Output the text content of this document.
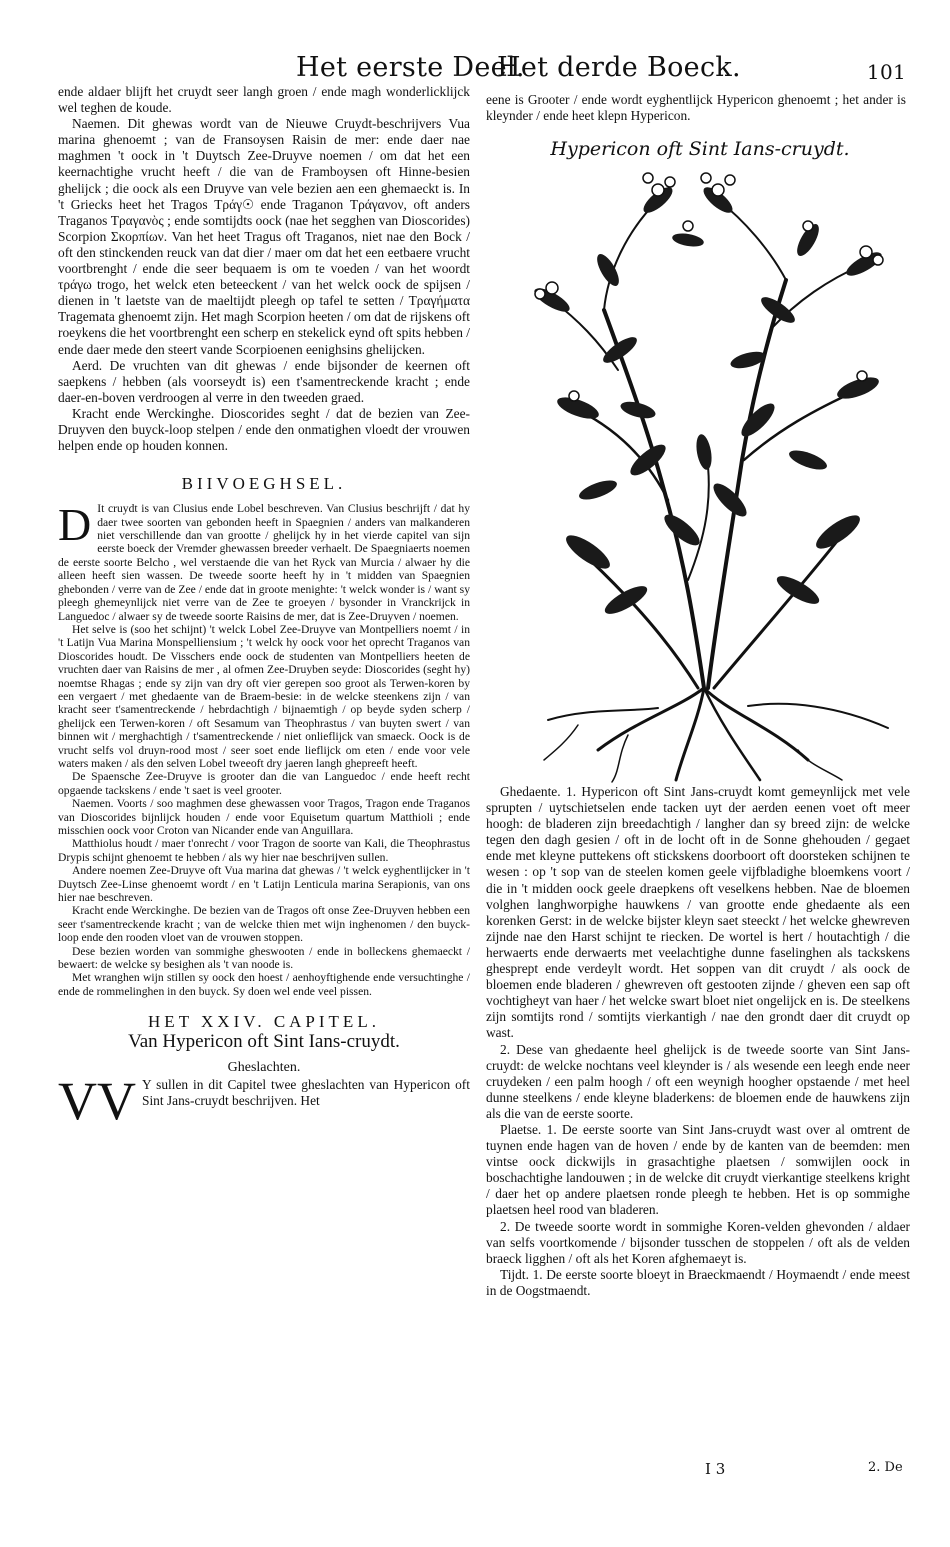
Het eerste Deel.
Het derde Boeck.	101

ende aldaer blijft het cruydt seer langh groen / ende magh wonderlicklijck wel teghen de koude.

Naemen. Dit ghewas wordt van de Nieuwe Cruydt-beschrijvers Vua marina ghenoemt ; van de Fransoysen Raisin de mer: ende daer nae maghmen 't oock in 't Duytsch Zee-Druyve noemen / om dat het een keernachtighe vrucht heeft / die van de Framboysen oft Hinne-besien ghelijck ; die oock als een Druyve van vele bezien aen een ghemaeckt is. In 't Griecks heet het Tragos Τράγ☉ ende Traganon Τράγανον, oft anders Traganos Τραγανὸς ; ende somtijdts oock (nae het segghen van Dioscorides) Scorpion Σκορπίων. Van het heet Tragus oft Traganos, niet nae den Bock / oft den stinckenden reuck van dat dier / maer om dat het een eetbaere vrucht voortbrenght / ende die seer bequaem is om te voeden / van het woordt τράγω trogo, het welck eten beteeckent / van het welck oock de spijsen / dienen in 't laetste van de maeltijdt pleegh op tafel te setten / Τραγήματα Tragemata ghenoemt zijn. Het magh Scorpion heeten / om dat de rijskens oft roeykens die het voortbrenght een scherp en stekelick eynd oft spits hebben / ende daer mede den steert vande Scorpioenen eenighsins ghelijcken.

Aerd. De vruchten van dit ghewas / ende bijsonder de keernen oft saepkens / hebben (als voorseydt is) een t'samentreckende kracht ; ende daer-en-boven verdroogen al verre in den tweeden graed.

Kracht ende Werckinghe. Dioscorides seght / dat de bezien van Zee-Druyven den buyck-loop stelpen / ende den onmatighen vloedt der vrouwen helpen ende op houden konnen.

BIIVOEGHSEL.
D It cruydt is van Clusius ende Lobel beschreven. Van Clusius beschrijft / dat hy daer twee soorten van gebonden heeft in Spaegnien / anders van malkanderen niet verschillende dan van grootte / ghelijck hy in het vierde capitel van sijn eerste boeck der Vremder ghewassen breeder verhaelt. De Spaegniaerts noemen de eerste soorte Belcho , wel verstaende die van het Ryck van Murcia / alwaer hy die alleen heeft sien wassen. De tweede soorte heeft hy in 't midden van Spaegnien ghebonden / verre van de Zee / ende dat in groote menighte: 't welck wonder is / want sy pleegh ghemeynlijck niet verre van de Zee te groeyen / bysonder in Vranckrijck in Languedoc / alwaer sy de tweede soorte Raisins de mer, dat is Zee-Druyven / noemen.

Het selve is (soo het schijnt) 't welck Lobel Zee-Druyve van Montpelliers noemt / in 't Latijn Vua Marina Monspelliensium ; 't welck hy oock voor het oprecht Traganos van Dioscorides houdt. De Visschers ende oock de studenten van Montpelliers heeten de vruchten daer van Raisins de mer , al ofmen Zee-Druyben seyde: Dioscorides (seght hy) noemtse Rhagas ; ende sy zijn van dry oft vier gerepen soo groot als Terwen-koren by een vergaert / met ghedaente van de Braem-besie: in de welcke steenkens zijn / van kracht seer t'samentreckende / hebrdachtigh / bijnaemtigh / op beyde syden scherp / ghelijck een Terwen-koren / oft Sesamum van Theophrastus / van buyten swert / van binnen wit / merghachtigh / t'samentreckende / niet onlieflijck van smaeck. Oock is de vrucht selfs vol druyn-rood most / seer soet ende lieflijck om eten / ende voor vele waters maken / als den selven Lobel tweeoft dry jaeren langh ghepreeft heeft.

De Spaensche Zee-Druyve is grooter dan die van Languedoc / ende heeft recht opgaende tackskens / ende 't saet is veel grooter.

Naemen. Voorts / soo maghmen dese ghewassen voor Tragos, Tragon ende Traganos van Dioscorides bijnlijck houden / ende voor Equisetum quartum Matthioli ; ende misschien oock voor Croton van Nicander ende van Anguillara.

Matthiolus houdt / maer t'onrecht / voor Tragon de soorte van Kali, die Theophrastus Drypis schijnt ghenoemt te hebben / als wy hier nae beschrijven sullen.

Andere noemen Zee-Druyve oft Vua marina dat ghewas / 't welck eyghentlijcker in 't Duytsch Zee-Linse ghenoemt wordt / en 't Latijn Lenticula marina Serapionis, van ons hier nae beschreven.

Kracht ende Werckinghe. De bezien van de Tragos oft onse Zee-Druyven hebben een seer t'samentreckende kracht ; van de welcke thien met wijn inghenomen / den buyck-loop ende den rooden vloet van de vrouwen stoppen.

Dese bezien worden van sommighe gheswooten / ende in bolleckens ghemaeckt / bewaert: de welcke sy besighen als 't van noode is.

Met wranghen wijn stillen sy oock den hoest / aenhoyftighende ende versuchtinghe / ende de rommelinghen in den buyck. Sy doen wel ende veel pissen.

HET XXIV. CAPITEL.
Van Hypericon oft Sint Ians-cruydt.
Gheslachten.
VV Y sullen in dit Capitel twee gheslachten van Hypericon oft Sint Jans-cruydt beschrijven. Het

eene is Grooter / ende wordt eyghentlijck Hypericon ghenoemt ; het ander is kleynder / ende heet klepn Hypericon.

Hypericon oft Sint Ians-cruydt.

Ghedaente. 1. Hypericon oft Sint Jans-cruydt komt gemeynlijck met vele sprupten / uytschietselen ende tacken uyt der aerden eenen voet oft meer hoogh: de bladeren zijn breedachtigh / langher dan sy breed zijn: de welcke tegen den dagh gesien / oft in de locht oft in de Sonne ghehouden / gegaet ende met kleyne puttekens oft stickskens doorboort oft doorsteken schijnen te wesen : op 't sop van de steelen komen geele vijfbladighe bloemkens voort / die in 't midden oock geele draepkens oft veselkens hebben. Nae de bloemen volghen langhworpighe hauwkens / van grootte ende ghedaente als een korenken Gerst: in de welcke bijster kleyn saet steeckt / het welcke ghewreven zijnde nae den Harst schijnt te riecken. De wortel is hert / houtachtigh / die herwaerts ende derwaerts met veelachtighe dunne faselinghen als tackskens ghesprept ende verdeylt wordt. Het soppen van dit cruydt / als oock de bloemen ende bladeren / ghewreven oft gestooten zijnde / gheven een sap oft vochtigheyt van haer / het welcke swart bloet niet ongelijck en is. De steelkens zijn somtijts rond / somtijts vierkantigh / nae den grondt daer dit cruydt op wast.

2. Dese van ghedaente heel ghelijck is de tweede soorte van Sint Jans-cruydt: de welcke nochtans veel kleynder is / als wesende een leegh ende neer cruydeken / een palm hoogh / oft een weynigh hoogher opstaende / met heel dunne steelkens / ende kleyne bladerkens: de bloemen ende de hauwkens zijn als die van de eerste soorte.

Plaetse. 1. De eerste soorte van Sint Jans-cruydt wast over al omtrent de tuynen ende hagen van de hoven / ende by de kanten van de beemden: men vintse oock dickwijls in grasachtighe plaetsen / somwijlen oock in boschachtighe landouwen ; in de welcke dit cruydt vierkantige steelkens kright / daer het op andere plaetsen ronde pleegh te hebben. Het is op sommighe plaetsen heel rood van bladeren.

2. De tweede soorte wordt in sommighe Koren-velden ghevonden / aldaer van selfs voortkomende / bijsonder tusschen de stoppelen / oft als de velden braeck ligghen / oft als het Koren afghemaeyt is.

Tijdt. 1. De eerste soorte bloeyt in Braeckmaendt / Hoymaendt / ende meest in de Oogstmaendt.

I 3	2. De
